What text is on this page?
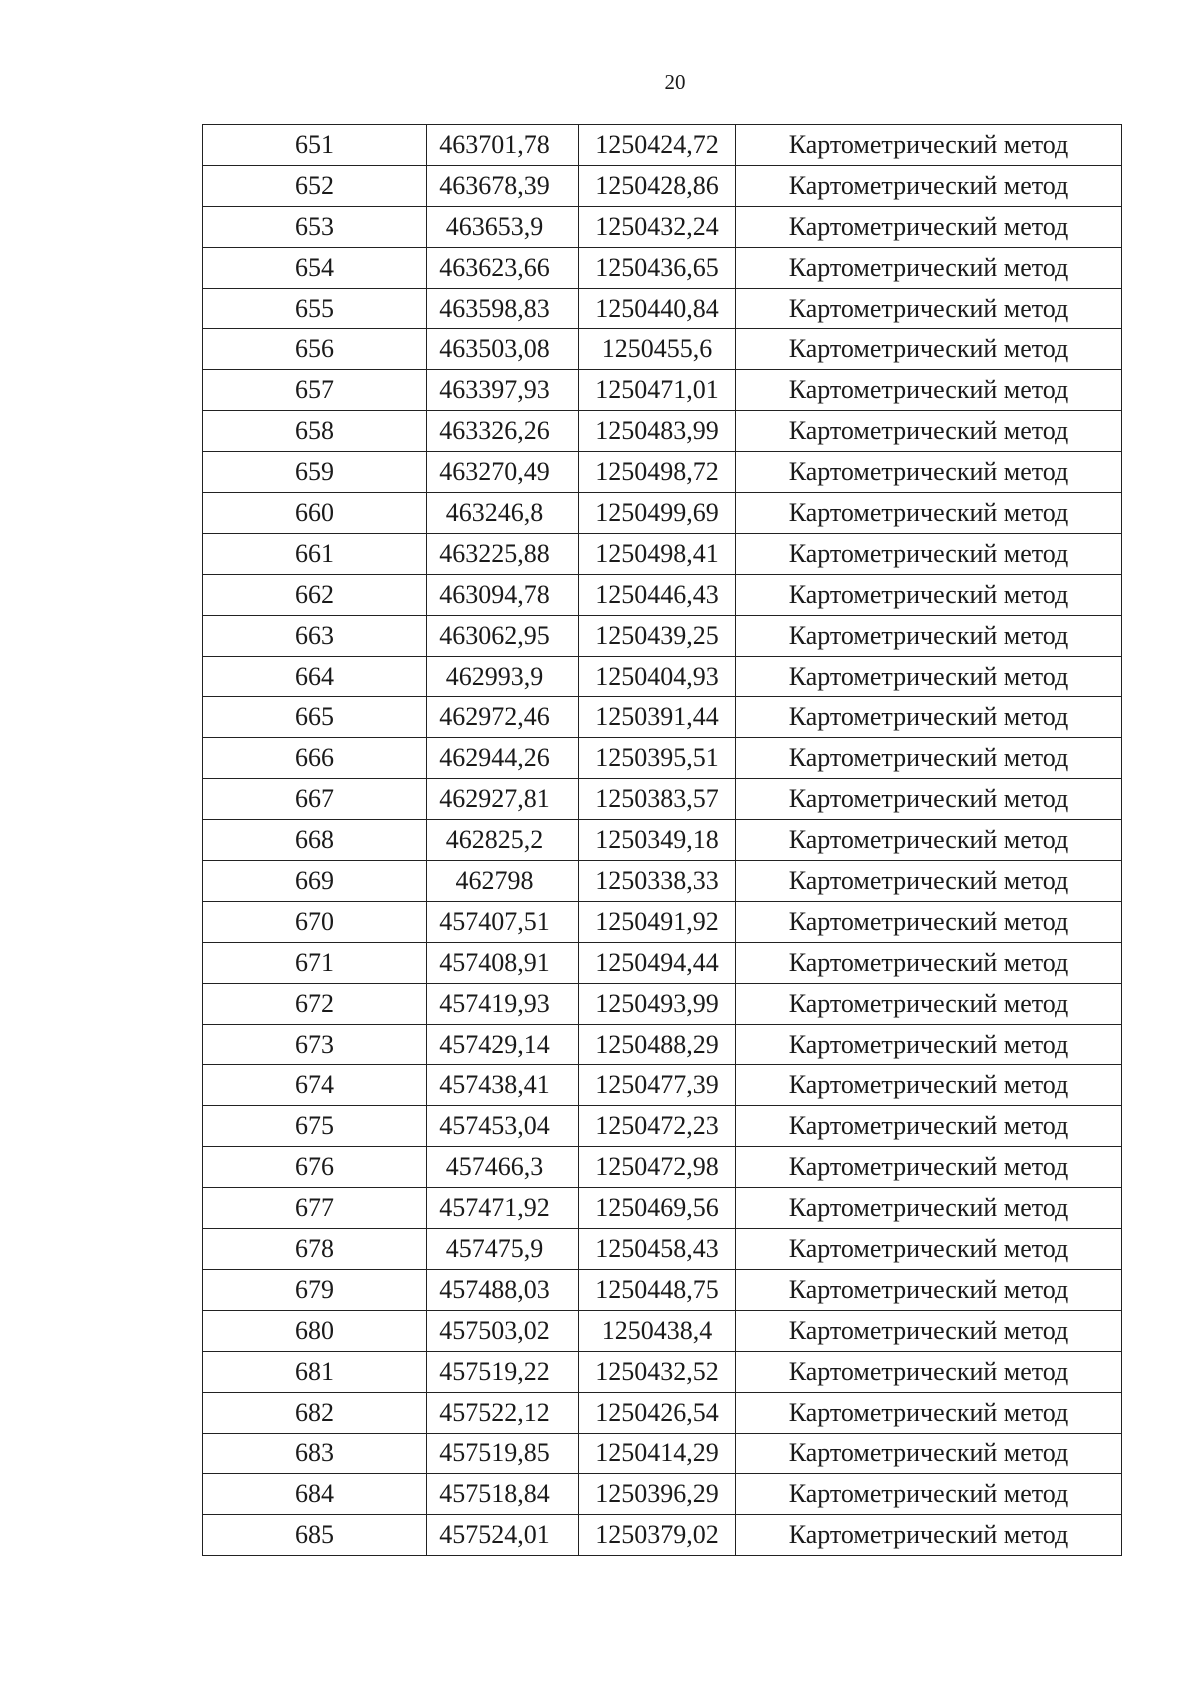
20
651	463701,78	1250424,72	Картометрический метод
652	463678,39	1250428,86	Картометрический метод
653	463653,9	1250432,24	Картометрический метод
654	463623,66	1250436,65	Картометрический метод
655	463598,83	1250440,84	Картометрический метод
656	463503,08	1250455,6	Картометрический метод
657	463397,93	1250471,01	Картометрический метод
658	463326,26	1250483,99	Картометрический метод
659	463270,49	1250498,72	Картометрический метод
660	463246,8	1250499,69	Картометрический метод
661	463225,88	1250498,41	Картометрический метод
662	463094,78	1250446,43	Картометрический метод
663	463062,95	1250439,25	Картометрический метод
664	462993,9	1250404,93	Картометрический метод
665	462972,46	1250391,44	Картометрический метод
666	462944,26	1250395,51	Картометрический метод
667	462927,81	1250383,57	Картометрический метод
668	462825,2	1250349,18	Картометрический метод
669	462798	1250338,33	Картометрический метод
670	457407,51	1250491,92	Картометрический метод
671	457408,91	1250494,44	Картометрический метод
672	457419,93	1250493,99	Картометрический метод
673	457429,14	1250488,29	Картометрический метод
674	457438,41	1250477,39	Картометрический метод
675	457453,04	1250472,23	Картометрический метод
676	457466,3	1250472,98	Картометрический метод
677	457471,92	1250469,56	Картометрический метод
678	457475,9	1250458,43	Картометрический метод
679	457488,03	1250448,75	Картометрический метод
680	457503,02	1250438,4	Картометрический метод
681	457519,22	1250432,52	Картометрический метод
682	457522,12	1250426,54	Картометрический метод
683	457519,85	1250414,29	Картометрический метод
684	457518,84	1250396,29	Картометрический метод
685	457524,01	1250379,02	Картометрический метод
